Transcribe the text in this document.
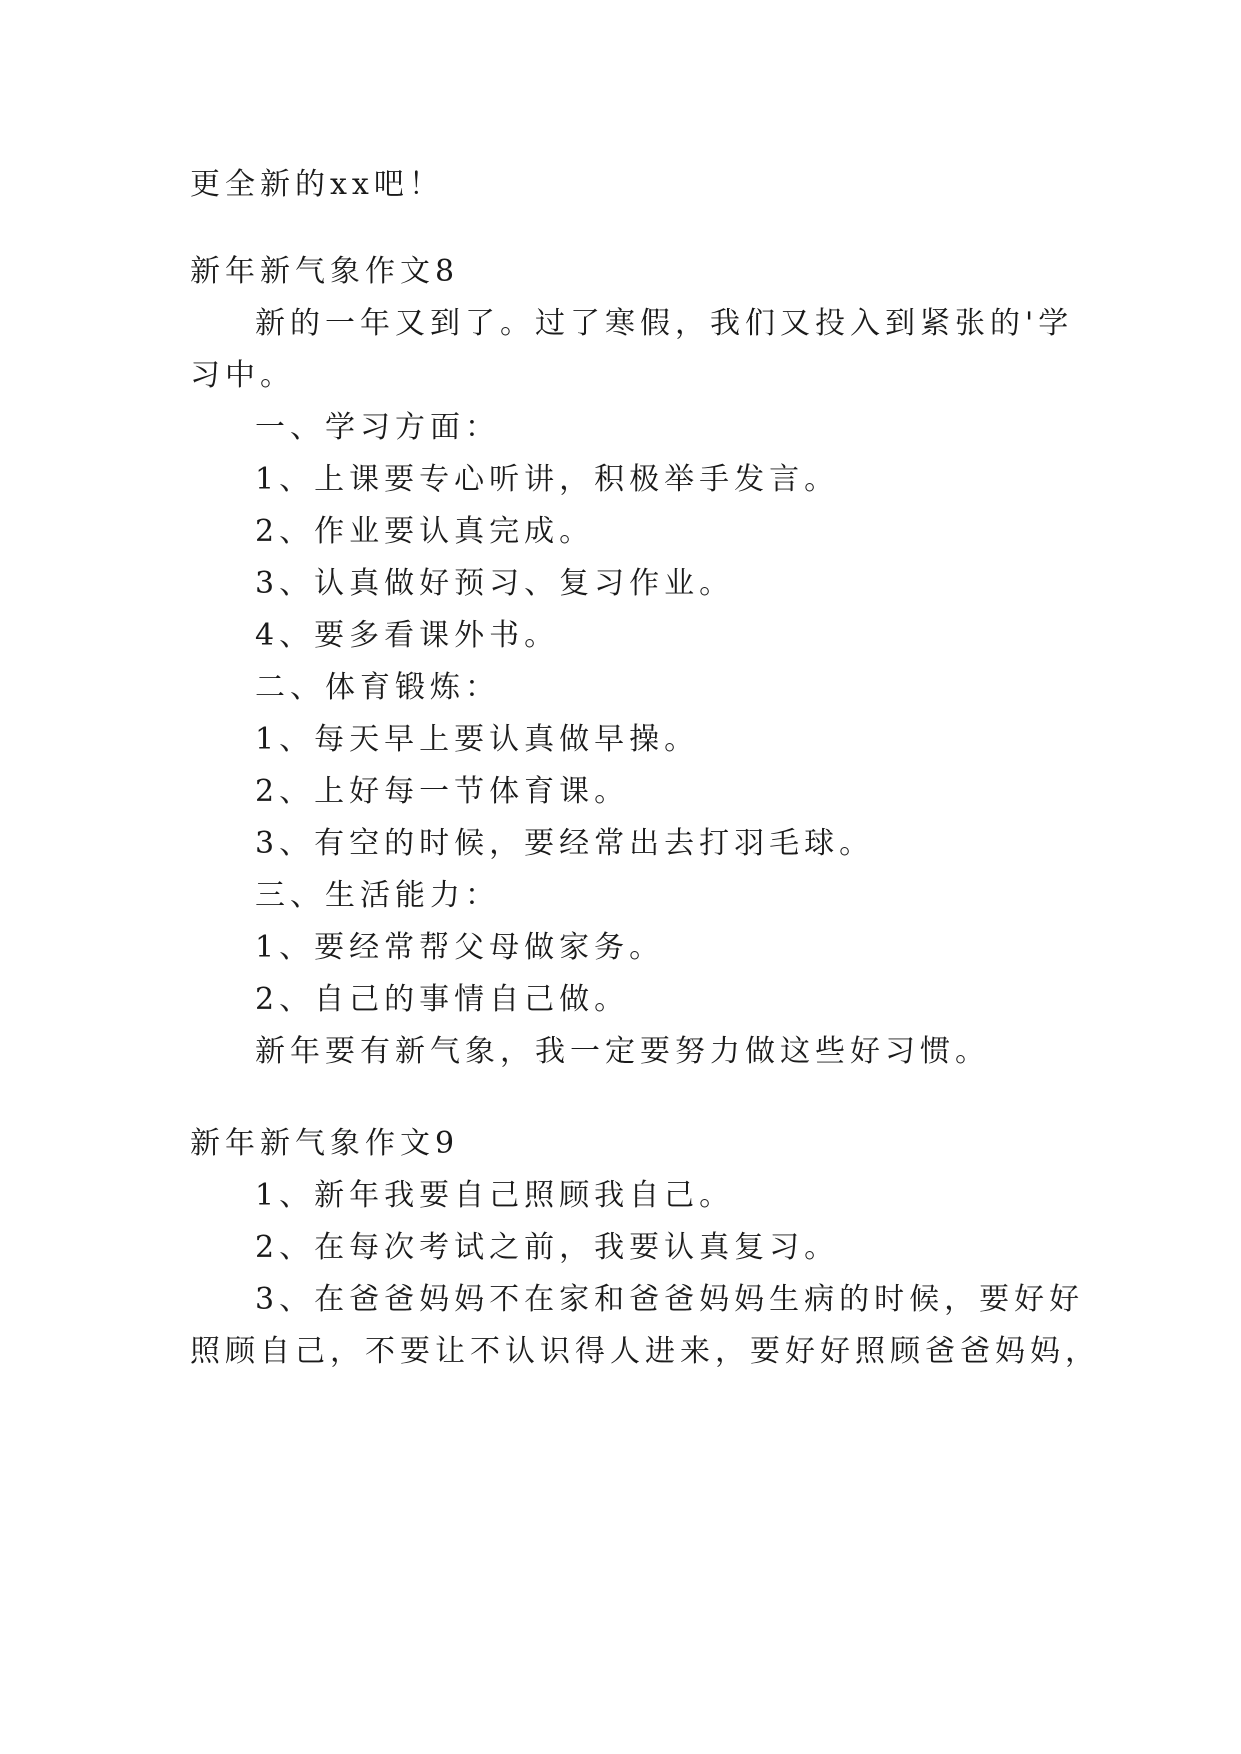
更全新的xx吧！
新年新气象作文8
新的一年又到了。过了寒假，我们又投入到紧张的'学
习中。
一、学习方面：
1、上课要专心听讲，积极举手发言。
2、作业要认真完成。
3、认真做好预习、复习作业。
4、要多看课外书。
二、体育锻炼：
1、每天早上要认真做早操。
2、上好每一节体育课。
3、有空的时候，要经常出去打羽毛球。
三、生活能力：
1、要经常帮父母做家务。
2、自己的事情自己做。
新年要有新气象，我一定要努力做这些好习惯。
新年新气象作文9
1、新年我要自己照顾我自己。
2、在每次考试之前，我要认真复习。
3、在爸爸妈妈不在家和爸爸妈妈生病的时候，要好好
照顾自己，不要让不认识得人进来，要好好照顾爸爸妈妈，
